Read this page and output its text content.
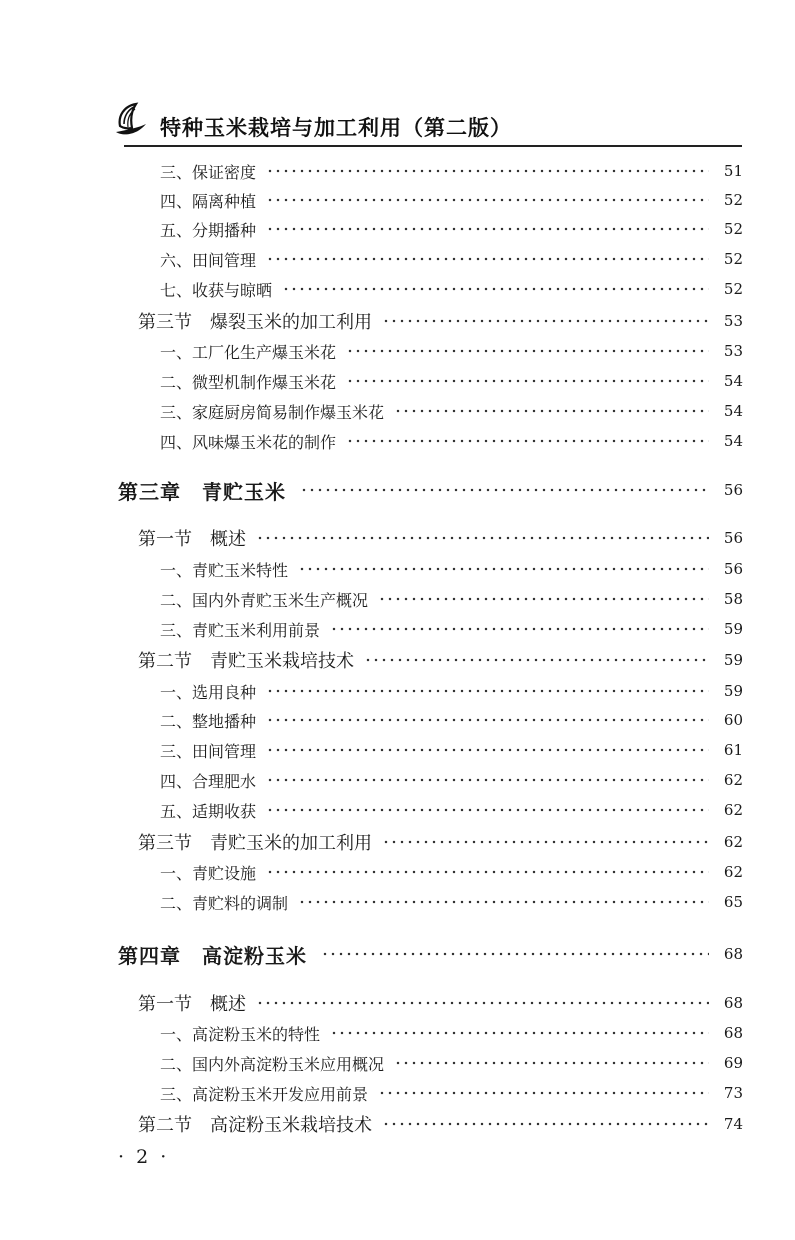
特种玉米栽培与加工利用（第二版）
三、保证密度	51
四、隔离种植	52
五、分期播种	52
六、田间管理	52
七、收获与晾晒	52
第三节　爆裂玉米的加工利用	53
一、工厂化生产爆玉米花	53
二、微型机制作爆玉米花	54
三、家庭厨房简易制作爆玉米花	54
四、风味爆玉米花的制作	54
第三章　青贮玉米	56
第一节　概述	56
一、青贮玉米特性	56
二、国内外青贮玉米生产概况	58
三、青贮玉米利用前景	59
第二节　青贮玉米栽培技术	59
一、选用良种	59
二、整地播种	60
三、田间管理	61
四、合理肥水	62
五、适期收获	62
第三节　青贮玉米的加工利用	62
一、青贮设施	62
二、青贮料的调制	65
第四章　高淀粉玉米	68
第一节　概述	68
一、高淀粉玉米的特性	68
二、国内外高淀粉玉米应用概况	69
三、高淀粉玉米开发应用前景	73
第二节　高淀粉玉米栽培技术	74
· 2 ·
